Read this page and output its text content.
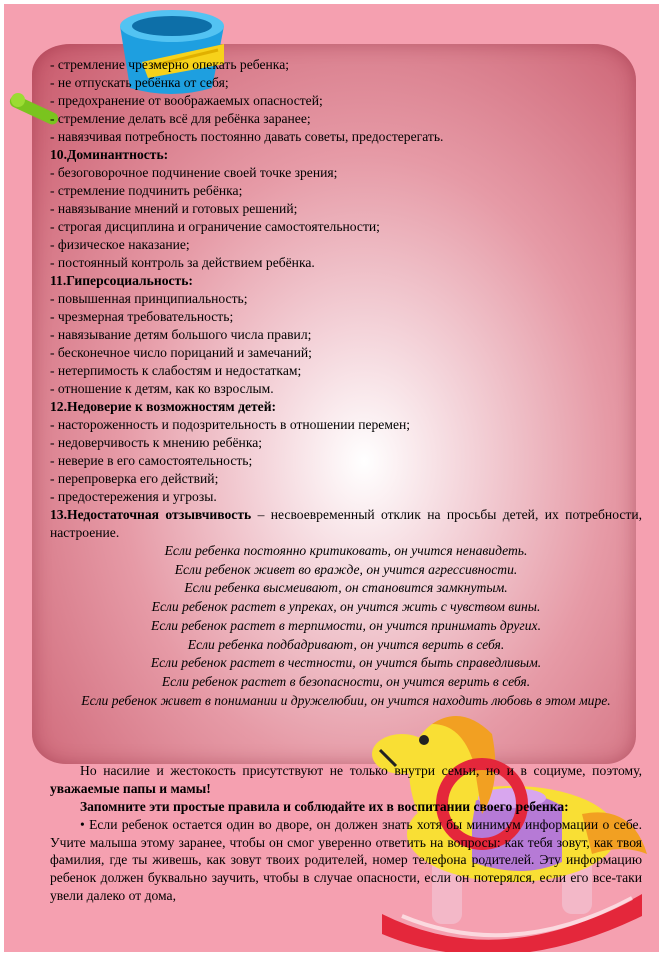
- стремление чрезмерно опекать ребенка;

- не отпускать ребёнка от себя;

- предохранение от воображаемых опасностей;

- стремление делать всё для ребёнка заранее;

- навязчивая потребность постоянно давать советы, предостерегать.

10.Доминантность:

- безоговорочное подчинение своей точке зрения;

- стремление подчинить ребёнка;

- навязывание мнений и готовых решений;

- строгая дисциплина и ограничение самостоятельности;

- физическое наказание;

- постоянный контроль за действием ребёнка.

11.Гиперсоциальность:

- повышенная принципиальность;

- чрезмерная требовательность;

- навязывание детям большого числа правил;

- бесконечное число порицаний и замечаний;

- нетерпимость к слабостям и недостаткам;

- отношение к детям, как ко взрослым.

12.Недоверие к возможностям детей:

- настороженность и подозрительность в отношении перемен;

- недоверчивость к мнению ребёнка;

- неверие в его самостоятельность;

- перепроверка его действий;

- предостережения и угрозы.

13.Недостаточная отзывчивость – несвоевременный отклик на просьбы детей, их потребности, настроение.

Если ребенка постоянно критиковать, он учится ненавидеть.

Если ребенок живет во вражде, он учится агрессивности.

Если ребенка высмеивают, он становится замкнутым.

Если ребенок растет в упреках, он учится жить с чувством вины.

Если ребенок растет в терпимости, он учится принимать других.

Если ребенка подбадривают, он учится верить в себя.

Если ребенок растет в честности, он учится быть справедливым.

Если ребенок растет в безопасности, он учится верить в себя.

Если ребенок живет в понимании и дружелюбии, он учится находить любовь в этом мире.

Но насилие и жестокость присутствуют не только внутри семьи, но и в социуме, поэтому, уважаемые папы и мамы!

Запомните эти простые правила и соблюдайте их в воспитании своего ребенка:

• Если ребенок остается один во дворе, он должен знать хотя бы минимум информации о себе. Учите малыша этому заранее, чтобы он смог уверенно ответить на вопросы: как тебя зовут, как твоя фамилия, где ты живешь, как зовут твоих родителей, номер телефона родителей. Эту информацию ребенок должен буквально заучить, чтобы в случае опасности, если он потерялся, если его все-таки увели далеко от дома,
